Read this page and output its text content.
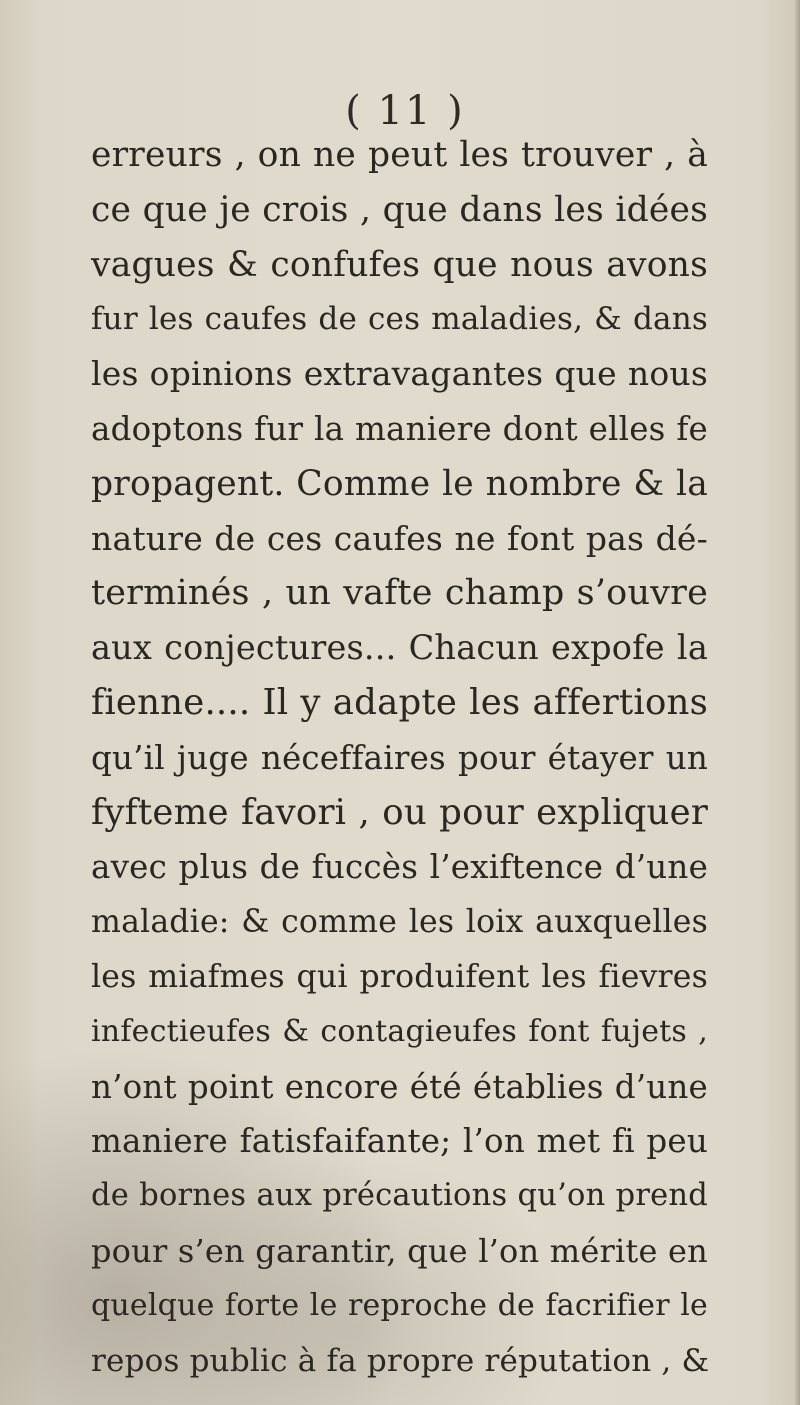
( 11 )
erreurs , on ne peut les trouver , à
ce que je crois , que dans les idées
vagues & confufes que nous avons
fur les caufes de ces maladies, & dans
les opinions extravagantes que nous
adoptons fur la maniere dont elles fe
propagent. Comme le nombre & la
nature de ces caufes ne font pas dé-
terminés , un vafte champ s’ouvre
aux conjectures... Chacun expofe la
fienne.... Il y adapte les affertions
qu’il juge néceffaires pour étayer un
fyfteme favori , ou pour expliquer
avec plus de fuccès l’exiftence d’une
maladie: & comme les loix auxquelles
les miafmes qui produifent les fievres
infectieufes & contagieufes font fujets ,
n’ont point encore été établies d’une
maniere fatisfaifante; l’on met fi peu
de bornes aux précautions qu’on prend
pour s’en garantir, que l’on mérite en
quelque forte le reproche de facrifier le
repos public à fa propre réputation , &
